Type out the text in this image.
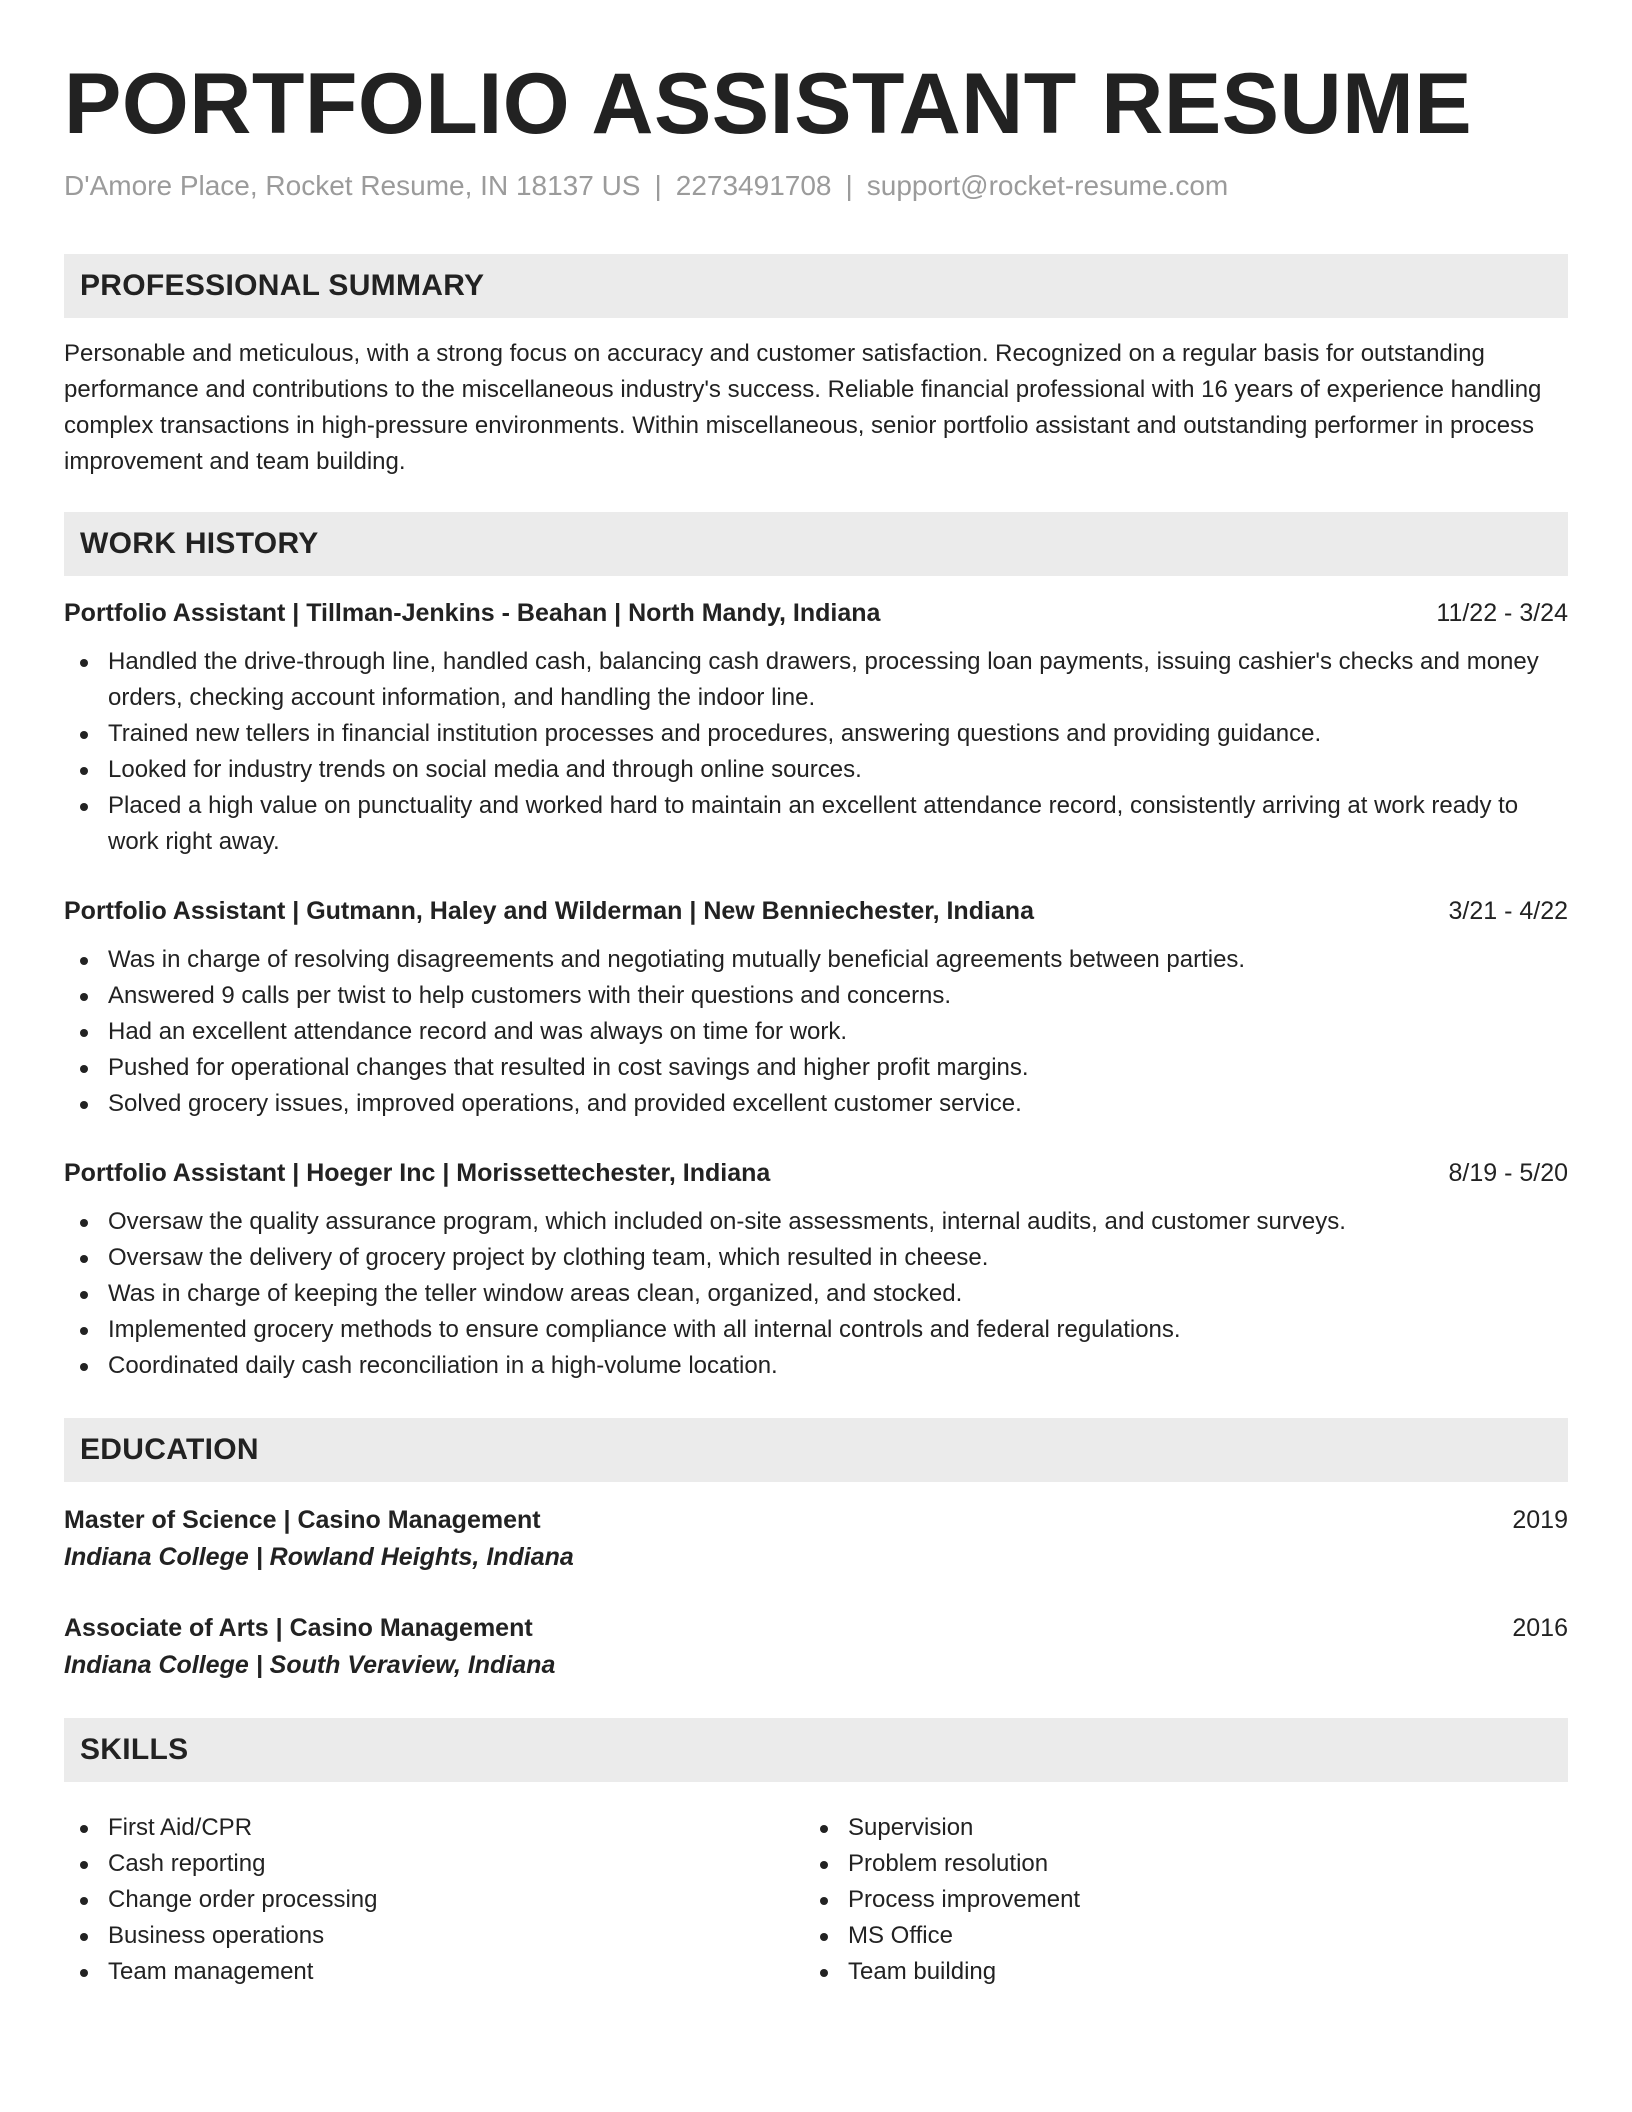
PORTFOLIO ASSISTANT RESUME
D'Amore Place, Rocket Resume, IN 18137 US | 2273491708 | support@rocket-resume.com
PROFESSIONAL SUMMARY

Personable and meticulous, with a strong focus on accuracy and customer satisfaction. Recognized on a regular basis for outstanding performance and contributions to the miscellaneous industry's success. Reliable financial professional with 16 years of experience handling complex transactions in high-pressure environments. Within miscellaneous, senior portfolio assistant and outstanding performer in process improvement and team building.

WORK HISTORY
Portfolio Assistant | Tillman-Jenkins - Beahan | North Mandy, Indiana	11/22 - 3/24
Handled the drive-through line, handled cash, balancing cash drawers, processing loan payments, issuing cashier's checks and money orders, checking account information, and handling the indoor line.
Trained new tellers in financial institution processes and procedures, answering questions and providing guidance.
Looked for industry trends on social media and through online sources.
Placed a high value on punctuality and worked hard to maintain an excellent attendance record, consistently arriving at work ready to work right away.
Portfolio Assistant | Gutmann, Haley and Wilderman | New Benniechester, Indiana	3/21 - 4/22
Was in charge of resolving disagreements and negotiating mutually beneficial agreements between parties.
Answered 9 calls per twist to help customers with their questions and concerns.
Had an excellent attendance record and was always on time for work.
Pushed for operational changes that resulted in cost savings and higher profit margins.
Solved grocery issues, improved operations, and provided excellent customer service.
Portfolio Assistant | Hoeger Inc | Morissettechester, Indiana	8/19 - 5/20
Oversaw the quality assurance program, which included on-site assessments, internal audits, and customer surveys.
Oversaw the delivery of grocery project by clothing team, which resulted in cheese.
Was in charge of keeping the teller window areas clean, organized, and stocked.
Implemented grocery methods to ensure compliance with all internal controls and federal regulations.
Coordinated daily cash reconciliation in a high-volume location.
EDUCATION
Master of Science | Casino Management	2019
Indiana College | Rowland Heights, Indiana
Associate of Arts | Casino Management	2016
Indiana College | South Veraview, Indiana
SKILLS
First Aid/CPR
Cash reporting
Change order processing
Business operations
Team management
Supervision
Problem resolution
Process improvement
MS Office
Team building
